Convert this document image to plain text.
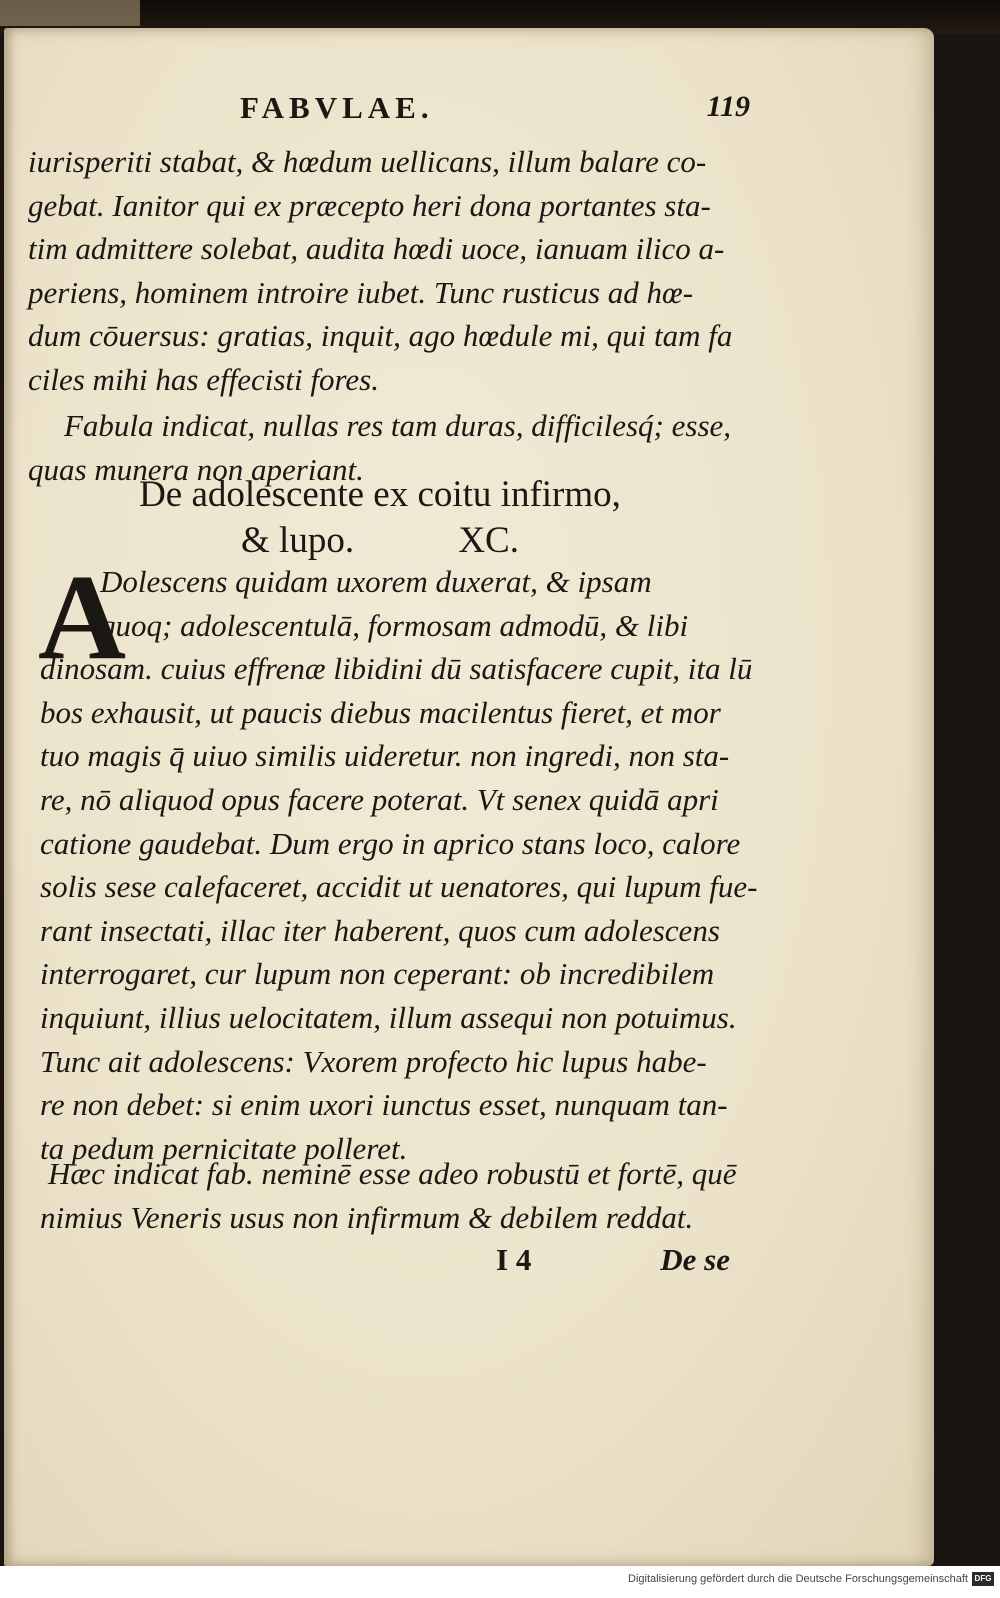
FABVLAE.	119
iurisperiti stabat, & hœdum uellicans, illum balare co-
gebat. Ianitor qui ex præcepto heri dona portantes sta-
tim admittere solebat, audita hœdi uoce, ianuam ilico a-
periens, hominem introire iubet. Tunc rusticus ad hœ-
dum cōuersus: gratias, inquit, ago hœdule mi, qui tam fa
ciles mihi has effecisti fores.
Fabula indicat, nullas res tam duras, difficilesq́; esse,
quas munera non aperiant.
De adolescente ex coitu infirmo,
& lupo.	XC.
A
Dolescens quidam uxorem duxerat, & ipsam
quoq; adolescentulā, formosam admodū, & libi
dinosam. cuius effrenæ libidini dū satisfacere cupit, ita lū
bos exhausit, ut paucis diebus macilentus fieret, et mor
tuo magis q̄ uiuo similis uideretur. non ingredi, non sta-
re, nō aliquod opus facere poterat. Vt senex quidā apri
catione gaudebat. Dum ergo in aprico stans loco, calore
solis sese calefaceret, accidit ut uenatores, qui lupum fue-
rant insectati, illac iter haberent, quos cum adolescens
interrogaret, cur lupum non ceperant: ob incredibilem
inquiunt, illius uelocitatem, illum assequi non potuimus.
Tunc ait adolescens: Vxorem profecto hic lupus habe-
re non debet: si enim uxori iunctus esset, nunquam tan-
ta pedum pernicitate polleret.
Hæc indicat fab. neminē esse adeo robustū et fortē, quē
nimius Veneris usus non infirmum & debilem reddat.
I 4	De se
Digitalisierung gefördert durch die Deutsche Forschungsgemeinschaft DFG
